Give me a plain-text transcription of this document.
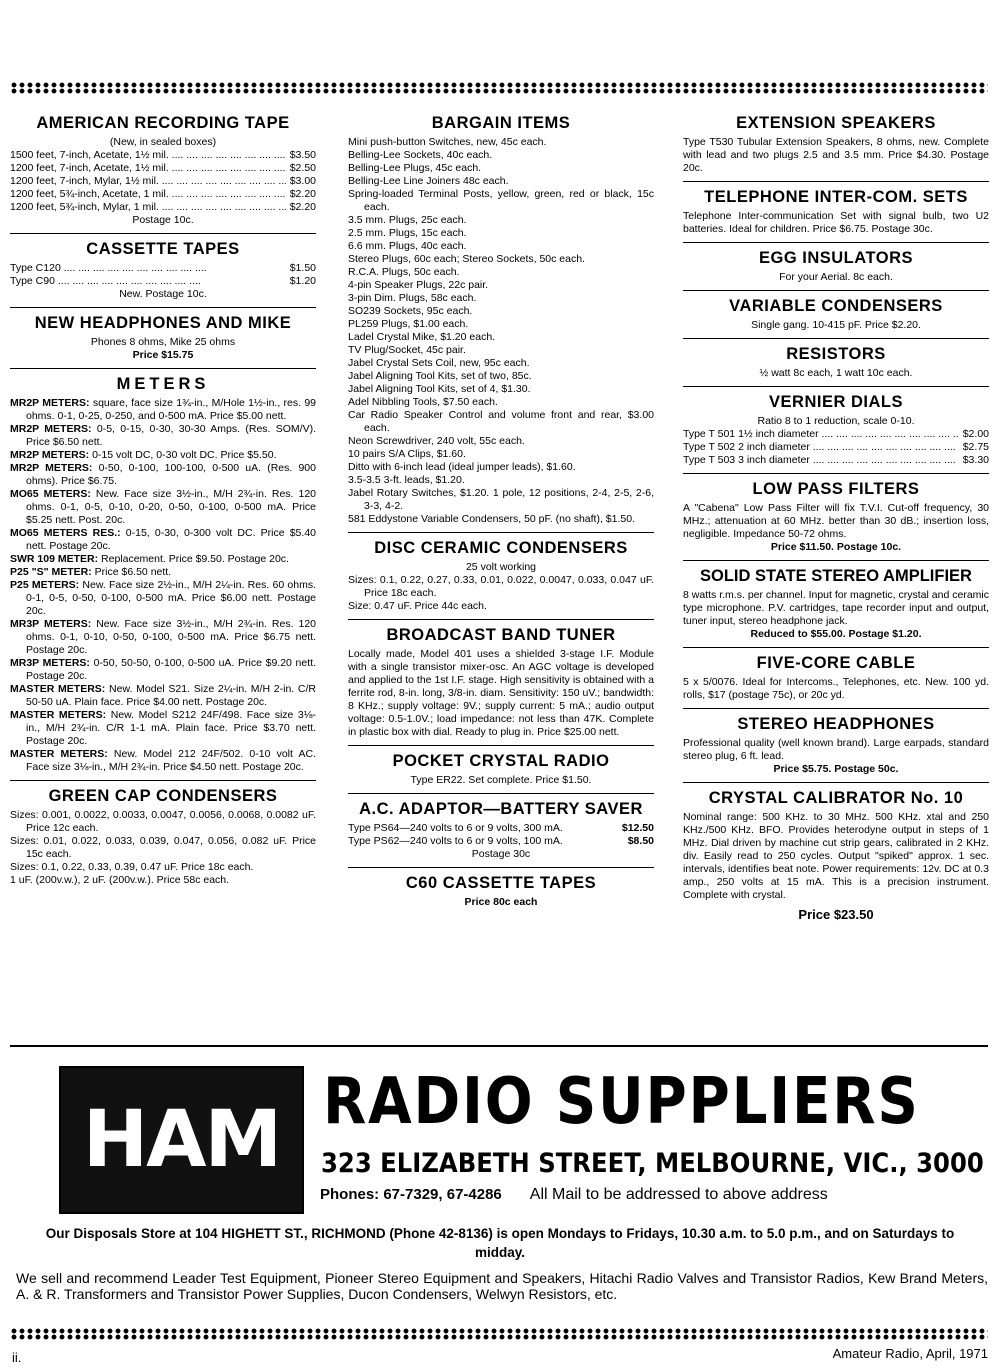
AMERICAN RECORDING TAPE
(New, in sealed boxes)
1500 feet, 7-inch, Acetate, 1½ mil. ....	$3.50
1200 feet, 7-inch, Acetate, 1½ mil. ....	$2.50
1200 feet, 7-inch, Mylar, 1½ mil. ....	$3.00
1200 feet, 5¾-inch, Acetate, 1 mil. ....	$2.20
1200 feet, 5¾-inch, Mylar, 1 mil. ....	$2.20
Postage 10c.
CASSETTE TAPES
Type C120 ....	$1.50
Type C90 ....	$1.20
New. Postage 10c.
NEW HEADPHONES AND MIKE
Phones 8 ohms, Mike 25 ohms
Price $15.75
METERS

MR2P METERS: square, face size 1¾-in., M/Hole 1½-in., res. 99 ohms. 0-1, 0-25, 0-250, and 0-500 mA. Price $5.00 nett.

MR2P METERS: 0-5, 0-15, 0-30, 30-30 Amps. (Res. SOM/V). Price $6.50 nett.

MR2P METERS: 0-15 volt DC, 0-30 volt DC. Price $5.50.

MR2P METERS: 0-50, 0-100, 100-100, 0-500 uA. (Res. 900 ohms). Price $6.75.

MO65 METERS: New. Face size 3½-in., M/H 2¾-in. Res. 120 ohms. 0-1, 0-5, 0-10, 0-20, 0-50, 0-100, 0-500 mA. Price $5.25 nett. Post. 20c.

MO65 METERS RES.: 0-15, 0-30, 0-300 volt DC. Price $5.40 nett. Postage 20c.

SWR 109 METER: Replacement. Price $9.50. Postage 20c.

P25 "S" METER: Price $6.50 nett.

P25 METERS: New. Face size 2½-in., M/H 2¼-in. Res. 60 ohms. 0-1, 0-5, 0-50, 0-100, 0-500 mA. Price $6.00 nett. Postage 20c.

MR3P METERS: New. Face size 3½-in., M/H 2¾-in. Res. 120 ohms. 0-1, 0-10, 0-50, 0-100, 0-500 mA. Price $6.75 nett. Postage 20c.

MR3P METERS: 0-50, 50-50, 0-100, 0-500 uA. Price $9.20 nett. Postage 20c.

MASTER METERS: New. Model S21. Size 2¼-in. M/H 2-in. C/R 50-50 uA. Plain face. Price $4.00 nett. Postage 20c.

MASTER METERS: New. Model S212 24F/498. Face size 3⅛-in., M/H 2¾-in. C/R 1-1 mA. Plain face. Price $3.70 nett. Postage 20c.

MASTER METERS: New. Model 212 24F/502. 0-10 volt AC. Face size 3⅛-in., M/H 2¾-in. Price $4.50 nett. Postage 20c.

GREEN CAP CONDENSERS

Sizes: 0.001, 0.0022, 0.0033, 0.0047, 0.0056, 0.0068, 0.0082 uF. Price 12c each.

Sizes: 0.01, 0.022, 0.033, 0.039, 0.047, 0.056, 0.082 uF. Price 15c each.

Sizes: 0.1, 0.22, 0.33, 0.39, 0.47 uF. Price 18c each.

1 uF. (200v.w.), 2 uF. (200v.w.). Price 58c each.

BARGAIN ITEMS

Mini push-button Switches, new, 45c each.

Belling-Lee Sockets, 40c each.

Belling-Lee Plugs, 45c each.

Belling-Lee Line Joiners 48c each.

Spring-loaded Terminal Posts, yellow, green, red or black, 15c each.

3.5 mm. Plugs, 25c each.

2.5 mm. Plugs, 15c each.

6.6 mm. Plugs, 40c each.

Stereo Plugs, 60c each; Stereo Sockets, 50c each.

R.C.A. Plugs, 50c each.

4-pin Speaker Plugs, 22c pair.

3-pin Dim. Plugs, 58c each.

SO239 Sockets, 95c each.

PL259 Plugs, $1.00 each.

Ladel Crystal Mike, $1.20 each.

TV Plug/Socket, 45c pair.

Jabel Crystal Sets Coil, new, 95c each.

Jabel Aligning Tool Kits, set of two, 85c.

Jabel Aligning Tool Kits, set of 4, $1.30.

Adel Nibbling Tools, $7.50 each.

Car Radio Speaker Control and volume front and rear, $3.00 each.

Neon Screwdriver, 240 volt, 55c each.

10 pairs S/A Clips, $1.60.

Ditto with 6-inch lead (ideal jumper leads), $1.60.

3.5-3.5 3-ft. leads, $1.20.

Jabel Rotary Switches, $1.20. 1 pole, 12 positions, 2-4, 2-5, 2-6, 3-3, 4-2.

581 Eddystone Variable Condensers, 50 pF. (no shaft), $1.50.

DISC CERAMIC CONDENSERS
25 volt working

Sizes: 0.1, 0.22, 0.27, 0.33, 0.01, 0.022, 0.0047, 0.033, 0.047 uF. Price 18c each.

Size: 0.47 uF. Price 44c each.

BROADCAST BAND TUNER

Locally made, Model 401 uses a shielded 3-stage I.F. Module with a single transistor mixer-osc. An AGC voltage is developed and applied to the 1st I.F. stage. High sensitivity is obtained with a ferrite rod, 8-in. long, 3/8-in. diam. Sensitivity: 150 uV.; bandwidth: 8 KHz.; supply voltage: 9V.; supply current: 5 mA.; audio output voltage: 0.5-1.0V.; load impedance: not less than 47K. Complete in plastic box with dial. Ready to plug in. Price $25.00 nett.

POCKET CRYSTAL RADIO
Type ER22. Set complete. Price $1.50.
A.C. ADAPTOR—BATTERY SAVER
Type PS64—240 volts to 6 or 9 volts, 300 mA.	$12.50
Type PS62—240 volts to 6 or 9 volts, 100 mA.	$8.50
Postage 30c
C60 CASSETTE TAPES
Price 80c each
EXTENSION SPEAKERS

Type T530 Tubular Extension Speakers, 8 ohms, new. Complete with lead and two plugs 2.5 and 3.5 mm. Price $4.30. Postage 20c.

TELEPHONE INTER-COM. SETS

Telephone Inter-communication Set with signal bulb, two U2 batteries. Ideal for children. Price $6.75. Postage 30c.

EGG INSULATORS
For your Aerial. 8c each.
VARIABLE CONDENSERS
Single gang. 10-415 pF. Price $2.20.
RESISTORS
½ watt 8c each, 1 watt 10c each.
VERNIER DIALS
Ratio 8 to 1 reduction, scale 0-10.
Type T 501 1½ inch diameter ....	$2.00
Type T 502 2 inch diameter ....	$2.75
Type T 503 3 inch diameter ....	$3.30
LOW PASS FILTERS

A "Cabena" Low Pass Filter will fix T.V.I. Cut-off frequency, 30 MHz.; attenuation at 60 MHz. better than 30 dB.; insertion loss, negligible. Impedance 50-72 ohms.

Price $11.50. Postage 10c.
SOLID STATE STEREO AMPLIFIER

8 watts r.m.s. per channel. Input for magnetic, crystal and ceramic type microphone. P.V. cartridges, tape recorder input and output, tuner input, stereo headphone jack.

Reduced to $55.00. Postage $1.20.
FIVE-CORE CABLE

5 x 5/0076. Ideal for Intercoms., Telephones, etc. New. 100 yd. rolls, $17 (postage 75c), or 20c yd.

STEREO HEADPHONES

Professional quality (well known brand). Large earpads, standard stereo plug, 6 ft. lead.

Price $5.75. Postage 50c.
CRYSTAL CALIBRATOR No. 10

Nominal range: 500 KHz. to 30 MHz. 500 KHz. xtal and 250 KHz./500 KHz. BFO. Provides heterodyne output in steps of 1 MHz. Dial driven by machine cut strip gears, calibrated in 2 KHz. div. Easily read to 250 cycles. Output "spiked" approx. 1 sec. intervals, identifies beat note. Power requirements: 12v. DC at 0.3 amp., 250 volts at 15 mA. This is a precision instrument. Complete with crystal.

Price $23.50
HAM RADIO SUPPLIERS
323 ELIZABETH STREET, MELBOURNE, VIC., 3000
Phones: 67-7329, 67-4286 All Mail to be addressed to above address
Our Disposals Store at 104 HIGHETT ST., RICHMOND (Phone 42-8136) is open Mondays to Fridays, 10.30 a.m. to 5.0 p.m., and on Saturdays to midday.
We sell and recommend Leader Test Equipment, Pioneer Stereo Equipment and Speakers, Hitachi Radio Valves and Transistor Radios, Kew Brand Meters, A. & R. Transformers and Transistor Power Supplies, Ducon Condensers, Welwyn Resistors, etc.
ii.	Amateur Radio, April, 1971
